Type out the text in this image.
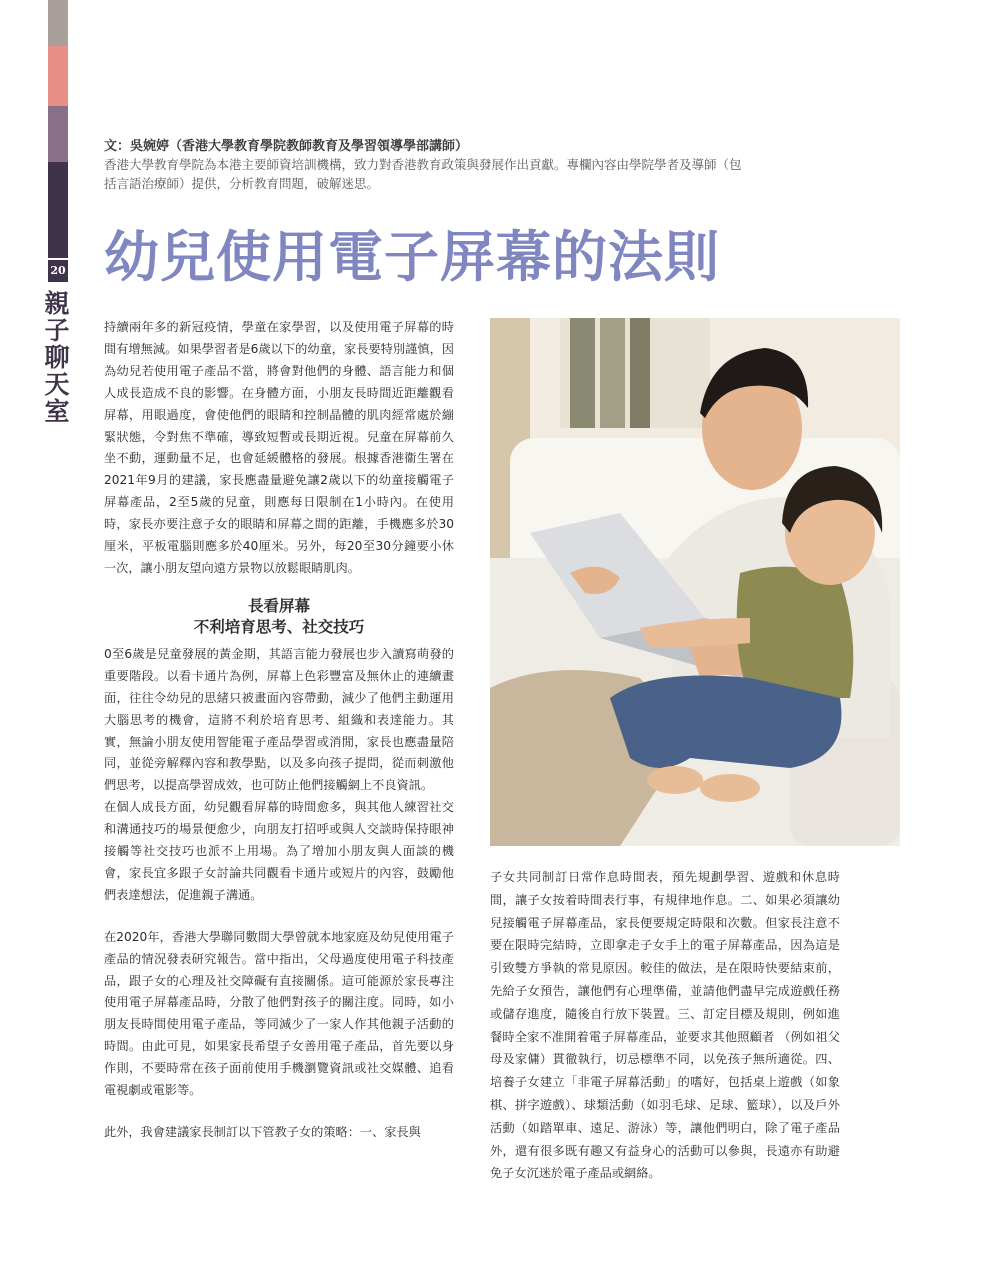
20
親子聊天室
文：吳婉婷（香港大學教育學院教師教育及學習領導學部講師）
香港大學教育學院為本港主要師資培訓機構，致力對香港教育政策與發展作出貢獻。專欄內容由學院學者及導師（包括言語治療師）提供，分析教育問題，破解迷思。
幼兒使用電子屏幕的法則

持續兩年多的新冠疫情，學童在家學習，以及使用電子屏幕的時間有增無減。如果學習者是6歲以下的幼童，家長要特別謹慎，因為幼兒若使用電子產品不當，將會對他們的身體、語言能力和個人成長造成不良的影響。在身體方面，小朋友長時間近距離觀看屏幕，用眼過度，會使他們的眼睛和控制晶體的肌肉經常處於繃緊狀態，令對焦不準確，導致短暫或長期近視。兒童在屏幕前久坐不動，運動量不足，也會延緩體格的發展。根據香港衞生署在2021年9月的建議，家長應盡量避免讓2歲以下的幼童接觸電子屏幕產品，2至5歲的兒童，則應每日限制在1小時內。在使用時，家長亦要注意子女的眼睛和屏幕之間的距離，手機應多於30厘米，平板電腦則應多於40厘米。另外，每20至30分鐘要小休一次，讓小朋友望向遠方景物以放鬆眼睛肌肉。

長看屏幕
不利培育思考、社交技巧

0至6歲是兒童發展的黃金期，其語言能力發展也步入讀寫萌發的重要階段。以看卡通片為例，屏幕上色彩豐富及無休止的連續畫面，往往令幼兒的思緒只被畫面內容帶動，減少了他們主動運用大腦思考的機會，這將不利於培育思考、組織和表達能力。其實，無論小朋友使用智能電子產品學習或消閒，家長也應盡量陪同，並從旁解釋內容和教學點，以及多向孩子提問，從而刺激他們思考，以提高學習成效，也可防止他們接觸網上不良資訊。

在個人成長方面，幼兒觀看屏幕的時間愈多，與其他人練習社交和溝通技巧的場景便愈少，向朋友打招呼或與人交談時保持眼神接觸等社交技巧也派不上用場。為了增加小朋友與人面談的機會，家長宜多跟子女討論共同觀看卡通片或短片的內容，鼓勵他們表達想法，促進親子溝通。

在2020年，香港大學聯同數間大學曾就本地家庭及幼兒使用電子產品的情況發表研究報告。當中指出，父母過度使用電子科技產品，跟子女的心理及社交障礙有直接關係。這可能源於家長專注使用電子屏幕產品時，分散了他們對孩子的關注度。同時，如小朋友長時間使用電子產品，等同減少了一家人作其他親子活動的時間。由此可見，如果家長希望子女善用電子產品，首先要以身作則，不要時常在孩子面前使用手機瀏覽資訊或社交媒體、追看電視劇或電影等。

此外，我會建議家長制訂以下管教子女的策略：一、家長與

子女共同制訂日常作息時間表，預先規劃學習、遊戲和休息時間，讓子女按着時間表行事，有規律地作息。二、如果必須讓幼兒接觸電子屏幕產品，家長便要規定時限和次數。但家長注意不要在限時完結時，立即拿走子女手上的電子屏幕產品，因為這是引致雙方爭執的常見原因。較佳的做法，是在限時快要結束前，先給子女預告，讓他們有心理準備，並請他們盡早完成遊戲任務或儲存進度，隨後自行放下裝置。三、訂定目標及規則，例如進餐時全家不准開着電子屏幕產品，並要求其他照顧者 （例如祖父母及家傭）貫徹執行，切忌標準不同，以免孩子無所適從。四、培養子女建立「非電子屏幕活動」的嗜好，包括桌上遊戲（如象棋、拼字遊戲）、球類活動（如羽毛球、足球、籃球），以及戶外活動（如踏單車、遠足、游泳）等，讓他們明白，除了電子產品外，還有很多既有趣又有益身心的活動可以參與，長遠亦有助避免子女沉迷於電子產品或網絡。
